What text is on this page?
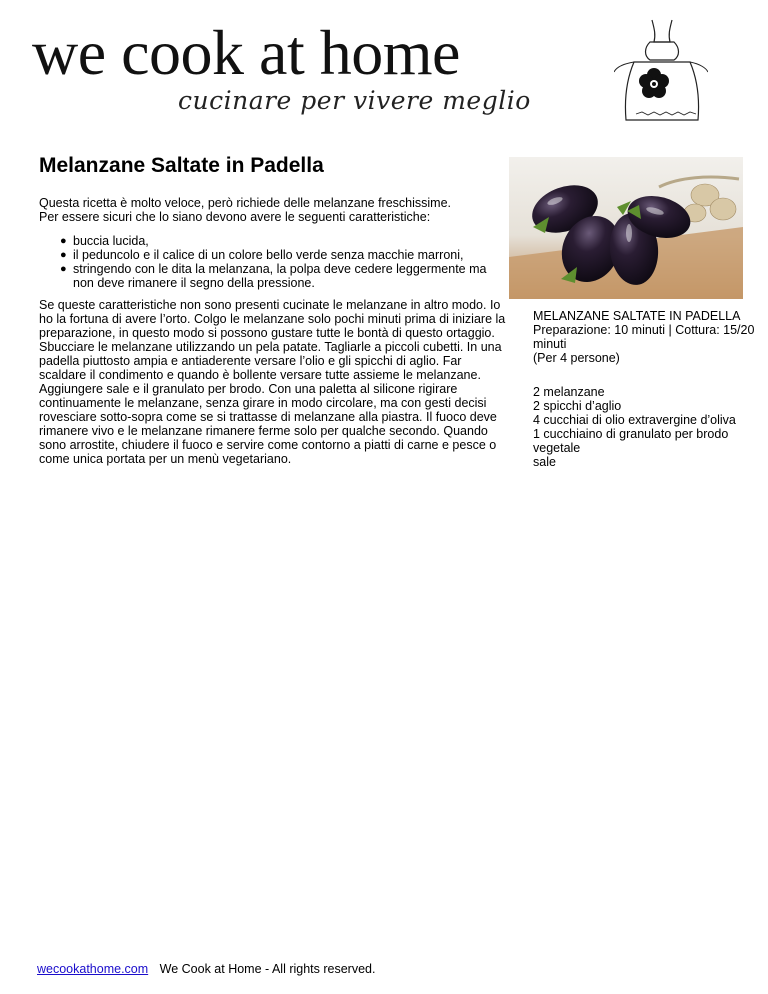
we cook at home
cucinare per vivere meglio
Melanzane Saltate in Padella

Questa ricetta è molto veloce, però richiede delle melanzane freschissime.

Per essere sicuri che lo siano devono avere le seguenti caratteristiche:

● buccia lucida,
● il peduncolo e il calice di un colore bello verde senza macchie marroni,
● stringendo con le dita la melanzana, la polpa deve cedere leggermente ma non deve rimanere il segno della pressione.

Se queste caratteristiche non sono presenti cucinate le melanzane in altro modo. Io ho la fortuna di avere l’orto. Colgo le melanzane solo pochi minuti prima di iniziare la preparazione, in questo modo si possono gustare tutte le bontà di questo ortaggio. Sbucciare le melanzane utilizzando un pela patate. Tagliarle a piccoli cubetti. In una padella piuttosto ampia e antiaderente versare l’olio e gli spicchi di aglio. Far scaldare il condimento e quando è bollente versare tutte assieme le melanzane. Aggiungere sale e il granulato per brodo. Con una paletta al silicone rigirare continuamente le melanzane, senza girare in modo circolare, ma con gesti decisi rovesciare sotto-sopra come se si trattasse di melanzane alla piastra. Il fuoco deve rimanere vivo e le melanzane rimanere ferme solo per qualche secondo. Quando sono arrostite, chiudere il fuoco e servire come contorno a piatti di carne e pesce o come unica portata per un menù vegetariano.

MELANZANE SALTATE IN PADELLA
Preparazione: 10 minuti | Cottura: 15/20 minuti
(Per 4 persone)
2 melanzane
2 spicchi d’aglio
4 cucchiai di olio extravergine d’oliva
1 cucchiaino di granulato per brodo vegetale
sale
wecookathome.com We Cook at Home - All rights reserved.
